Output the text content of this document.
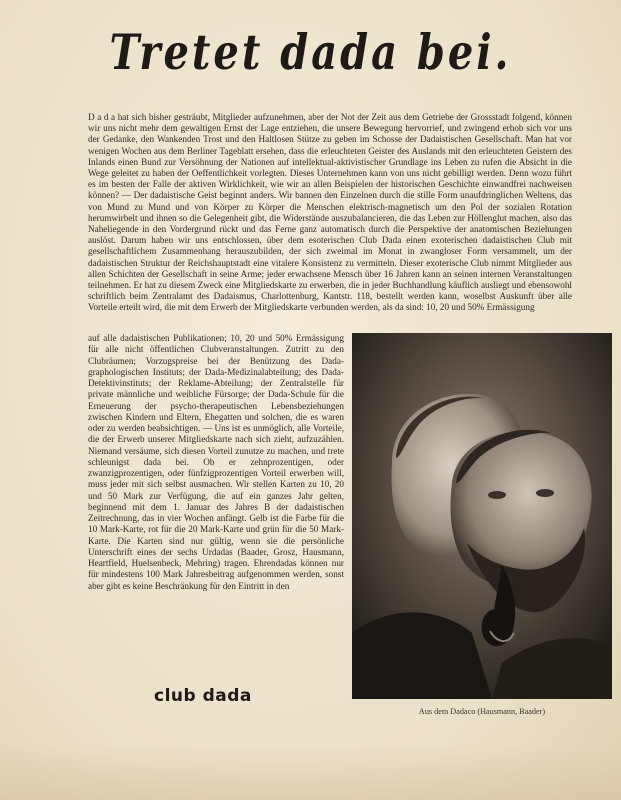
Tretet dada bei.
D a d a hat sich bisher gesträubt, Mitglieder aufzunehmen, aber der Not der Zeit aus dem Getriebe der Grossstadt folgend, können wir uns nicht mehr dem gewaltigen Ernst der Lage entziehen, die unsere Bewegung hervorrief, und zwingend erhob sich vor uns der Gedanke, den Wankenden Trost und den Haltlosen Stütze zu geben im Schosse der Dadaistischen Gesellschaft. Man hat vor wenigen Wochen aus dem Berliner Tageblatt ersehen, dass die erleuchteten Geister des Auslands mit den erleuchteten Geistern des Inlands einen Bund zur Versöhnung der Nationen auf intellektual-aktivistischer Grundlage ins Leben zu rufen die Absicht in die Wege geleitet zu haben der Oeffentlichkeit vorlegten. Dieses Unternehmen kann von uns nicht gebilligt werden. Denn wozu führt es im besten der Falle der aktiven Wirklichkeit, wie wir an allen Beispielen der historischen Geschichte einwandfrei nachweisen können? — Der dadaistische Geist beginnt anders. Wir bannen den Einzelnen durch die stille Form unaufdringlichen Weltens, das von Mund zu Mund und von Körper zu Körper die Menschen elektrisch-magnetisch um den Pol der sozialen Rotation herumwirbelt und ihnen so die Gelegenheit gibt, die Widerstände auszubalancieren, die das Leben zur Höllenglut machen, also das Naheliegende in den Vordergrund rückt und das Ferne ganz automatisch durch die Perspektive der anatomischen Beziehungen auslöst. Darum haben wir uns entschlossen, über dem esoterischen Club Dada einen exoterischen dadaistischen Club mit gesellschaftlichem Zusammenhang herauszubilden, der sich zweimal im Monat in zwangloser Form versammelt, um der dadaistischen Struktur der Reichshauptstadt eine vitalere Konsistenz zu vermitteln. Dieser exoterische Club nimmt Mitglieder aus allen Schichten der Gesellschaft in seine Arme; jeder erwachsene Mensch über 16 Jahren kann an seinen internen Veranstaltungen teilnehmen. Er hat zu diesem Zweck eine Mitgliedskarte zu erwerben, die in jeder Buchhandlung käuflich ausliegt und ebensowohl schriftlich beim Zentralamt des Dadaismus, Charlottenburg, Kantstr. 118, bestellt werden kann, woselbst Auskunft über alle Vorteile erteilt wird, die mit dem Erwerb der Mitgliedskarte verbunden werden, als da sind: 10, 20 und 50% Ermässigung
auf alle dadaistischen Publikationen; 10, 20 und 50% Ermässigung für alle nicht öffentlichen Clubveranstaltungen. Zutritt zu den Clubräumen; Vorzugspreise bei der Benützung des Dada-graphologischen Instituts; der Dada-Medizinalabteilung; des Dada-Detektivinstituts; der Reklame-Abteilung; der Zentralstelle für private männliche und weibliche Fürsorge; der Dada-Schule für die Erneuerung der psycho-therapeutischen Lebensbeziehungen zwischen Kindern und Eltern, Ehegatten und solchen, die es waren oder zu werden beabsichtigen. — Uns ist es unmöglich, alle Vorteile, die der Erwerb unserer Mitgliedskarte nach sich zieht, aufzuzählen. Niemand versäume, sich diesen Vorteil zunutze zu machen, und trete schleunigst dada bei. Ob er zehnprozentigen, oder zwanzigprozentigen, oder fünfzigprozentigen Vorteil erwerben will, muss jeder mit sich selbst ausmachen. Wir stellen Karten zu 10, 20 und 50 Mark zur Verfügung, die auf ein ganzes Jahr gelten, beginnend mit dem 1. Januar des Jahres B der dadaistischen Zeitrechnung, das in vier Wochen anfängt. Gelb ist die Farbe für die 10 Mark-Karte, rot für die 20 Mark-Karte und grün für die 50 Mark-Karte. Die Karten sind nur gültig, wenn sie die persönliche Unterschrift eines der sechs Urdadas (Baader, Grosz, Hausmann, Heartfield, Huelsenbeck, Mehring) tragen. Ehrendadas können nur für mindestens 100 Mark Jahresbeitrag aufgenommen werden, sonst aber gibt es keine Beschränkung für den Eintritt in den
Aus dem Dadaco (Hausmann, Baader)
club dada
